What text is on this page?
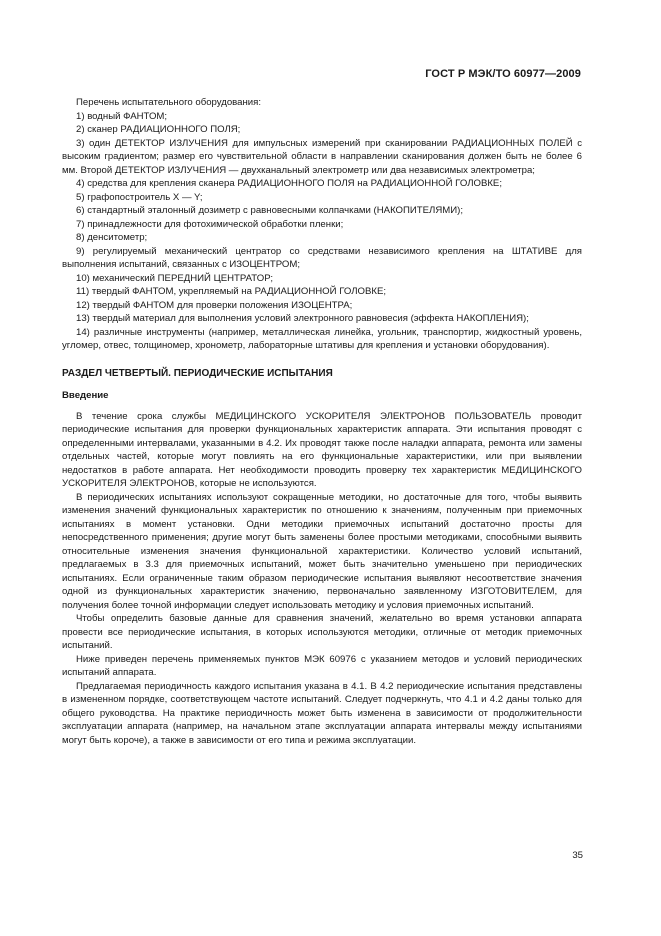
ГОСТ Р МЭК/ТО 60977—2009

Перечень испытательного оборудования:

1) водный ФАНТОМ;

2) сканер РАДИАЦИОННОГО ПОЛЯ;

3) один ДЕТЕКТОР ИЗЛУЧЕНИЯ для импульсных измерений при сканировании РАДИАЦИОННЫХ ПОЛЕЙ с высоким градиентом; размер его чувствительной области в направлении сканирования должен быть не более 6 мм. Второй ДЕТЕКТОР ИЗЛУЧЕНИЯ — двухканальный электрометр или два независимых электрометра;

4) средства для крепления сканера РАДИАЦИОННОГО ПОЛЯ на РАДИАЦИОННОЙ ГОЛОВКЕ;

5) графопостроитель X — Y;

6) стандартный эталонный дозиметр с равновесными колпачками (НАКОПИТЕЛЯМИ);

7) принадлежности для фотохимической обработки пленки;

8) денситометр;

9) регулируемый механический центратор со средствами независимого крепления на ШТАТИВЕ для выполнения испытаний, связанных с ИЗОЦЕНТРОМ;

10) механический ПЕРЕДНИЙ ЦЕНТРАТОР;

11) твердый ФАНТОМ, укрепляемый на РАДИАЦИОННОЙ ГОЛОВКЕ;

12) твердый ФАНТОМ для проверки положения ИЗОЦЕНТРА;

13) твердый материал для выполнения условий электронного равновесия (эффекта НАКОПЛЕНИЯ);

14) различные инструменты (например, металлическая линейка, угольник, транспортир, жидкостный уровень, угломер, отвес, толщиномер, хронометр, лабораторные штативы для крепления и установки оборудования).

РАЗДЕЛ ЧЕТВЕРТЫЙ. ПЕРИОДИЧЕСКИЕ ИСПЫТАНИЯ

Введение

В течение срока службы МЕДИЦИНСКОГО УСКОРИТЕЛЯ ЭЛЕКТРОНОВ ПОЛЬЗОВАТЕЛЬ проводит периодические испытания для проверки функциональных характеристик аппарата. Эти испытания проводят с определенными интервалами, указанными в 4.2. Их проводят также после наладки аппарата, ремонта или замены отдельных частей, которые могут повлиять на его функциональные характеристики, или при выявлении недостатков в работе аппарата. Нет необходимости проводить проверку тех характеристик МЕДИЦИНСКОГО УСКОРИТЕЛЯ ЭЛЕКТРОНОВ, которые не используются.

В периодических испытаниях используют сокращенные методики, но достаточные для того, чтобы выявить изменения значений функциональных характеристик по отношению к значениям, полученным при приемочных испытаниях в момент установки. Одни методики приемочных испытаний достаточно просты для непосредственного применения; другие могут быть заменены более простыми методиками, способными выявить относительные изменения значения функциональной характеристики. Количество условий испытаний, предлагаемых в 3.3 для приемочных испытаний, может быть значительно уменьшено при периодических испытаниях. Если ограниченные таким образом периодические испытания выявляют несоответствие значения одной из функциональных характеристик значению, первоначально заявленному ИЗГОТОВИТЕЛЕМ, для получения более точной информации следует использовать методику и условия приемочных испытаний.

Чтобы определить базовые данные для сравнения значений, желательно во время установки аппарата провести все периодические испытания, в которых используются методики, отличные от методик приемочных испытаний.

Ниже приведен перечень применяемых пунктов МЭК 60976 с указанием методов и условий периодических испытаний аппарата.

Предлагаемая периодичность каждого испытания указана в 4.1. В 4.2 периодические испытания представлены в измененном порядке, соответствующем частоте испытаний. Следует подчеркнуть, что 4.1 и 4.2 даны только для общего руководства. На практике периодичность может быть изменена в зависимости от продолжительности эксплуатации аппарата (например, на начальном этапе эксплуатации аппарата интервалы между испытаниями могут быть короче), а также в зависимости от его типа и режима эксплуатации.

35
